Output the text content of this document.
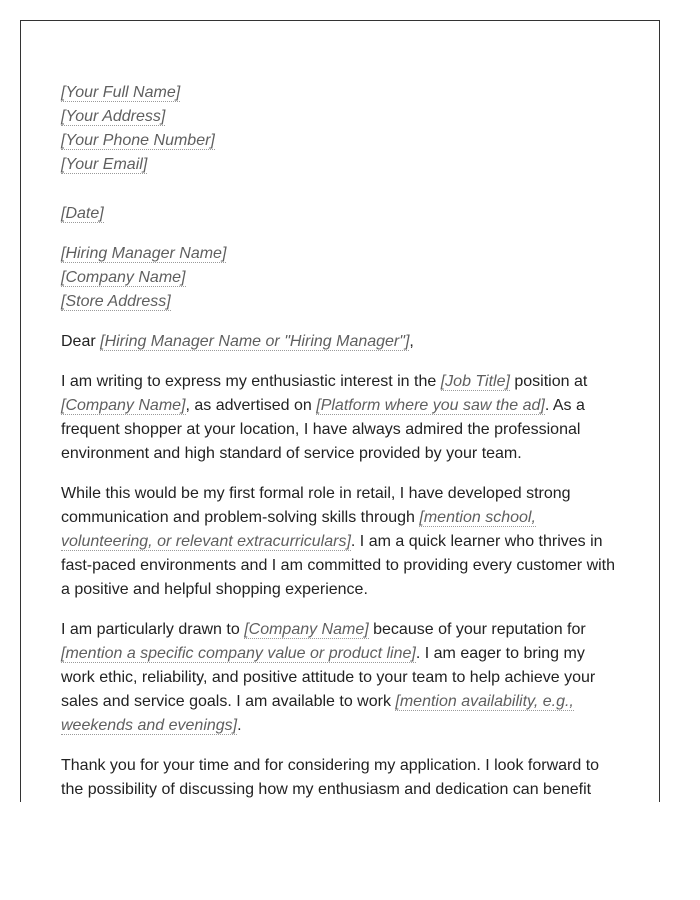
[Your Full Name]
[Your Address]
[Your Phone Number]
[Your Email]
[Date]
[Hiring Manager Name]
[Company Name]
[Store Address]

Dear [Hiring Manager Name or "Hiring Manager"],

I am writing to express my enthusiastic interest in the [Job Title] position at [Company Name], as advertised on [Platform where you saw the ad]. As a frequent shopper at your location, I have always admired the professional environment and high standard of service provided by your team.

While this would be my first formal role in retail, I have developed strong communication and problem-solving skills through [mention school, volunteering, or relevant extracurriculars]. I am a quick learner who thrives in fast-paced environments and I am committed to providing every customer with a positive and helpful shopping experience.

I am particularly drawn to [Company Name] because of your reputation for [mention a specific company value or product line]. I am eager to bring my work ethic, reliability, and positive attitude to your team to help achieve your sales and service goals. I am available to work [mention availability, e.g., weekends and evenings].

Thank you for your time and for considering my application. I look forward to the possibility of discussing how my enthusiasm and dedication can benefit
